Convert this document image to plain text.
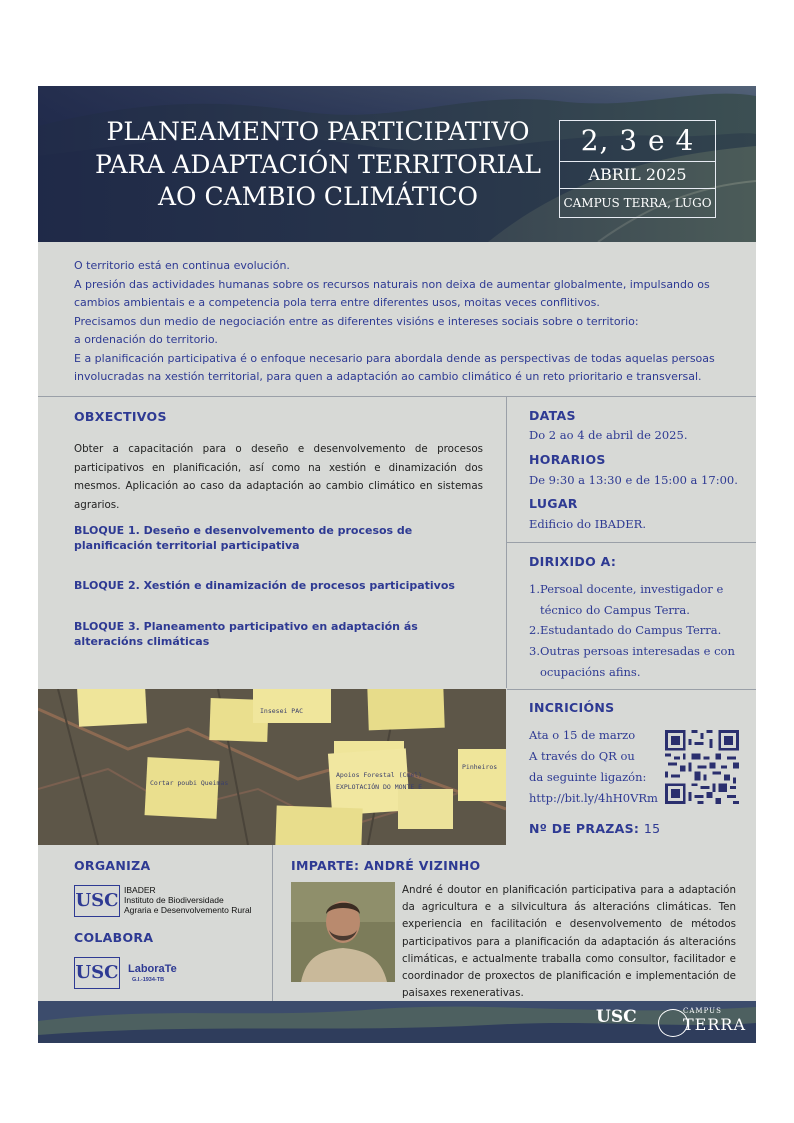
PLANEAMENTO PARTICIPATIVO
PARA ADAPTACIÓN TERRITORIAL
AO CAMBIO CLIMÁTICO
2, 3 e 4
ABRIL 2025
CAMPUS TERRA, LUGO

O territorio está en continua evolución.

A presión das actividades humanas sobre os recursos naturais non deixa de aumentar globalmente, impulsando os

cambios ambientais e a competencia pola terra entre diferentes usos, moitas veces conflitivos.

Precisamos dun medio de negociación entre as diferentes visións e intereses sociais sobre o territorio:

a ordenación do territorio.

E a planificación participativa é o enfoque necesario para abordala dende as perspectivas de todas aquelas persoas

involucradas na xestión territorial, para quen a adaptación ao cambio climático é un reto prioritario e transversal.

OBXECTIVOS
Obter a capacitación para o deseño e desenvolvemento de procesos participativos en planificación, así como na xestión e dinamización dos mesmos. Aplicación ao caso da adaptación ao cambio climático en sistemas agrarios.
BLOQUE 1. Deseño e desenvolvemento de procesos de planificación territorial participativa
BLOQUE 2. Xestión e dinamización de procesos participativos
BLOQUE 3. Planeamento participativo en adaptación ás alteracións climáticas
DATAS
Do 2 ao 4 de abril de 2025.
HORARIOS
De 9:30 a 13:30 e de 15:00 a 17:00.
LUGAR
Edificio do IBADER.
DIRIXIDO A:
1. Persoal docente, investigador e técnico do Campus Terra.
2. Estudantado do Campus Terra.
3. Outras persoas interesadas e con ocupacións afins.
Insesei PAC
Apoios Forestal (Cmel)
EXPLOTACIÓN DO MONTE E
Cortar poubi Queimas
Pinheiros
INCRICIÓNS
Ata o 15 de marzo
A través do QR ou
da seguinte ligazón:
http://bit.ly/4hH0VRm
Nº DE PRAZAS: 15
ORGANIZA
USC IBADER
Instituto de Biodiversidade
Agraria e Desenvolvemento Rural
COLABORA
USC LaboraTe
G.I.-1934-TB
IMPARTE: ANDRÉ VIZINHO
André é doutor en planificación participativa para a adaptación da agricultura e a silvicultura ás alteracións climáticas. Ten experiencia en facilitación e desenvolvemento de métodos participativos para a planificación da adaptación ás alteracións climáticas, e actualmente traballa como consultor, facilitador e coordinador de proxectos de planificación e implementación de paisaxes rexenerativas.
USC	CAMPUS
TERRA
